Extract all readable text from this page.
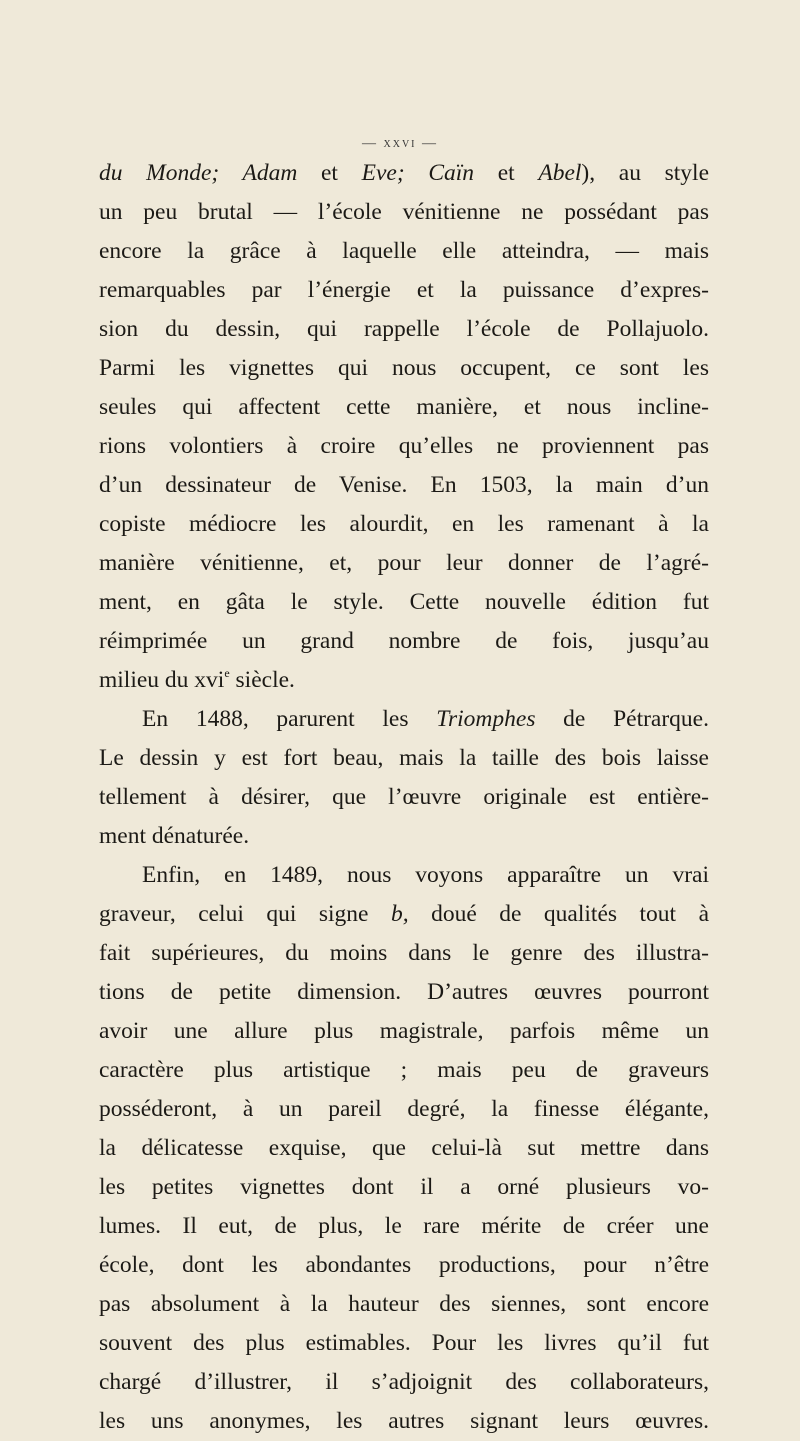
— xxvi —
du Monde; Adam et Eve; Caïn et Abel), au style
un peu brutal — l’école vénitienne ne possédant pas
encore la grâce à laquelle elle atteindra, — mais
remarquables par l’énergie et la puissance d’expres-
sion du dessin, qui rappelle l’école de Pollajuolo.
Parmi les vignettes qui nous occupent, ce sont les
seules qui affectent cette manière, et nous incline-
rions volontiers à croire qu’elles ne proviennent pas
d’un dessinateur de Venise. En 1503, la main d’un
copiste médiocre les alourdit, en les ramenant à la
manière vénitienne, et, pour leur donner de l’agré-
ment, en gâta le style. Cette nouvelle édition fut
réimprimée un grand nombre de fois, jusqu’au
milieu du xvi$^e$ siècle.
En 1488, parurent les Triomphes de Pétrarque.
Le dessin y est fort beau, mais la taille des bois laisse
tellement à désirer, que l’œuvre originale est entière-
ment dénaturée.
Enfin, en 1489, nous voyons apparaître un vrai
graveur, celui qui signe b, doué de qualités tout à
fait supérieures, du moins dans le genre des illustra-
tions de petite dimension. D’autres œuvres pourront
avoir une allure plus magistrale, parfois même un
caractère plus artistique ; mais peu de graveurs
posséderont, à un pareil degré, la finesse élégante,
la délicatesse exquise, que celui-là sut mettre dans
les petites vignettes dont il a orné plusieurs vo-
lumes. Il eut, de plus, le rare mérite de créer une
école, dont les abondantes productions, pour n’être
pas absolument à la hauteur des siennes, sont encore
souvent des plus estimables. Pour les livres qu’il fut
chargé d’illustrer, il s’adjoignit des collaborateurs,
les uns anonymes, les autres signant leurs œuvres.
